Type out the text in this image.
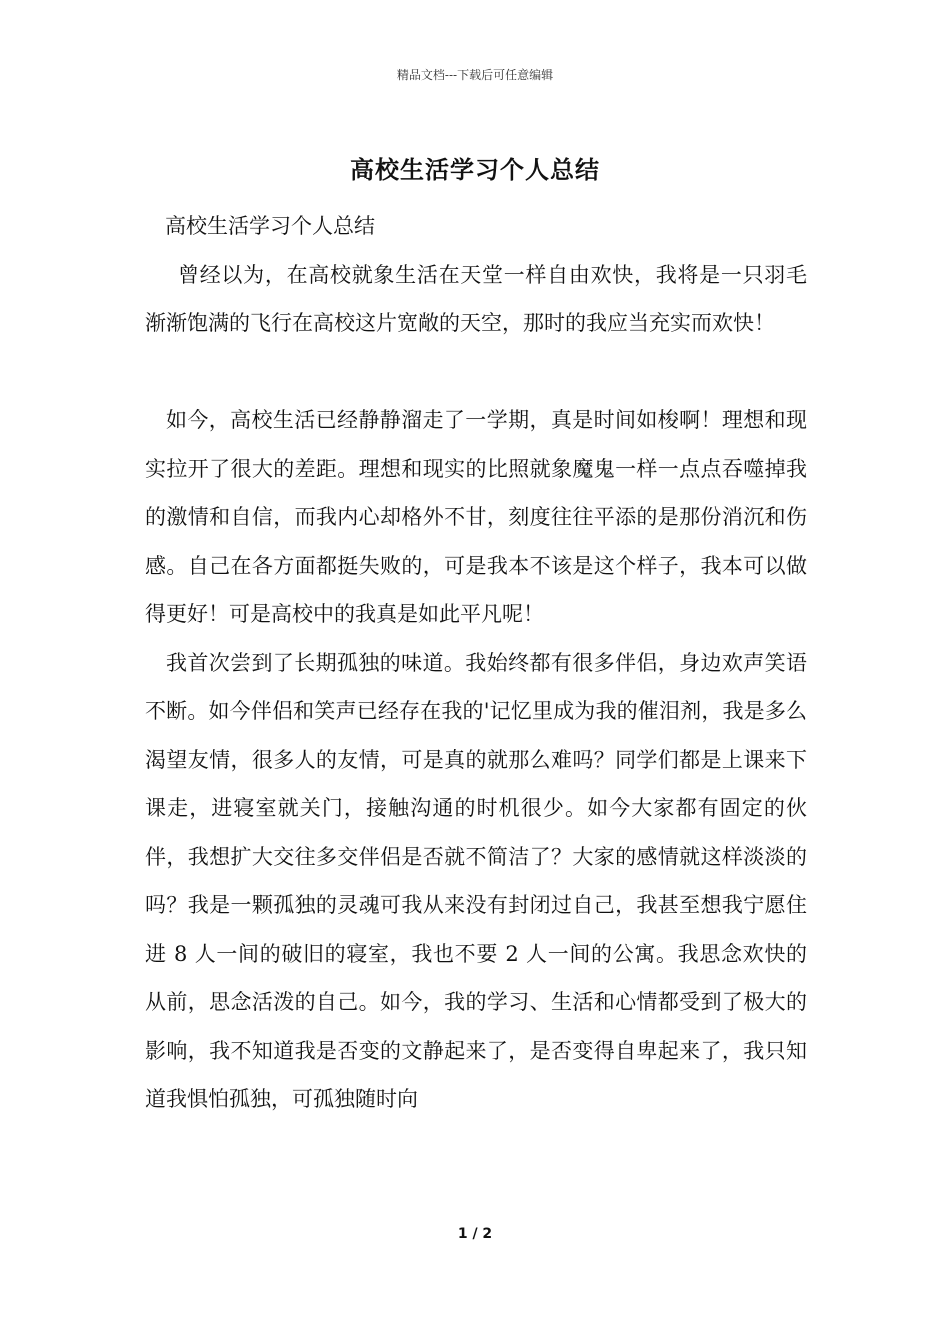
精品文档---下载后可任意编辑
高校生活学习个人总结

高校生活学习个人总结

曾经以为，在高校就象生活在天堂一样自由欢快，我将是一只羽毛渐渐饱满的飞行在高校这片宽敞的天空，那时的我应当充实而欢快！

如今，高校生活已经静静溜走了一学期，真是时间如梭啊！理想和现实拉开了很大的差距。理想和现实的比照就象魔鬼一样一点点吞噬掉我的激情和自信，而我内心却格外不甘，刻度往往平添的是那份消沉和伤感。自己在各方面都挺失败的，可是我本不该是这个样子，我本可以做得更好！可是高校中的我真是如此平凡呢！

我首次尝到了长期孤独的味道。我始终都有很多伴侣，身边欢声笑语不断。如今伴侣和笑声已经存在我的'记忆里成为我的催泪剂，我是多么渴望友情，很多人的友情，可是真的就那么难吗？同学们都是上课来下课走，进寝室就关门，接触沟通的时机很少。如今大家都有固定的伙伴，我想扩大交往多交伴侣是否就不简洁了？大家的感情就这样淡淡的吗？我是一颗孤独的灵魂可我从来没有封闭过自己，我甚至想我宁愿住进 8 人一间的破旧的寝室，我也不要 2 人一间的公寓。我思念欢快的从前，思念活泼的自己。如今，我的学习、生活和心情都受到了极大的影响，我不知道我是否变的文静起来了，是否变得自卑起来了，我只知道我惧怕孤独，可孤独随时向

1 / 2
